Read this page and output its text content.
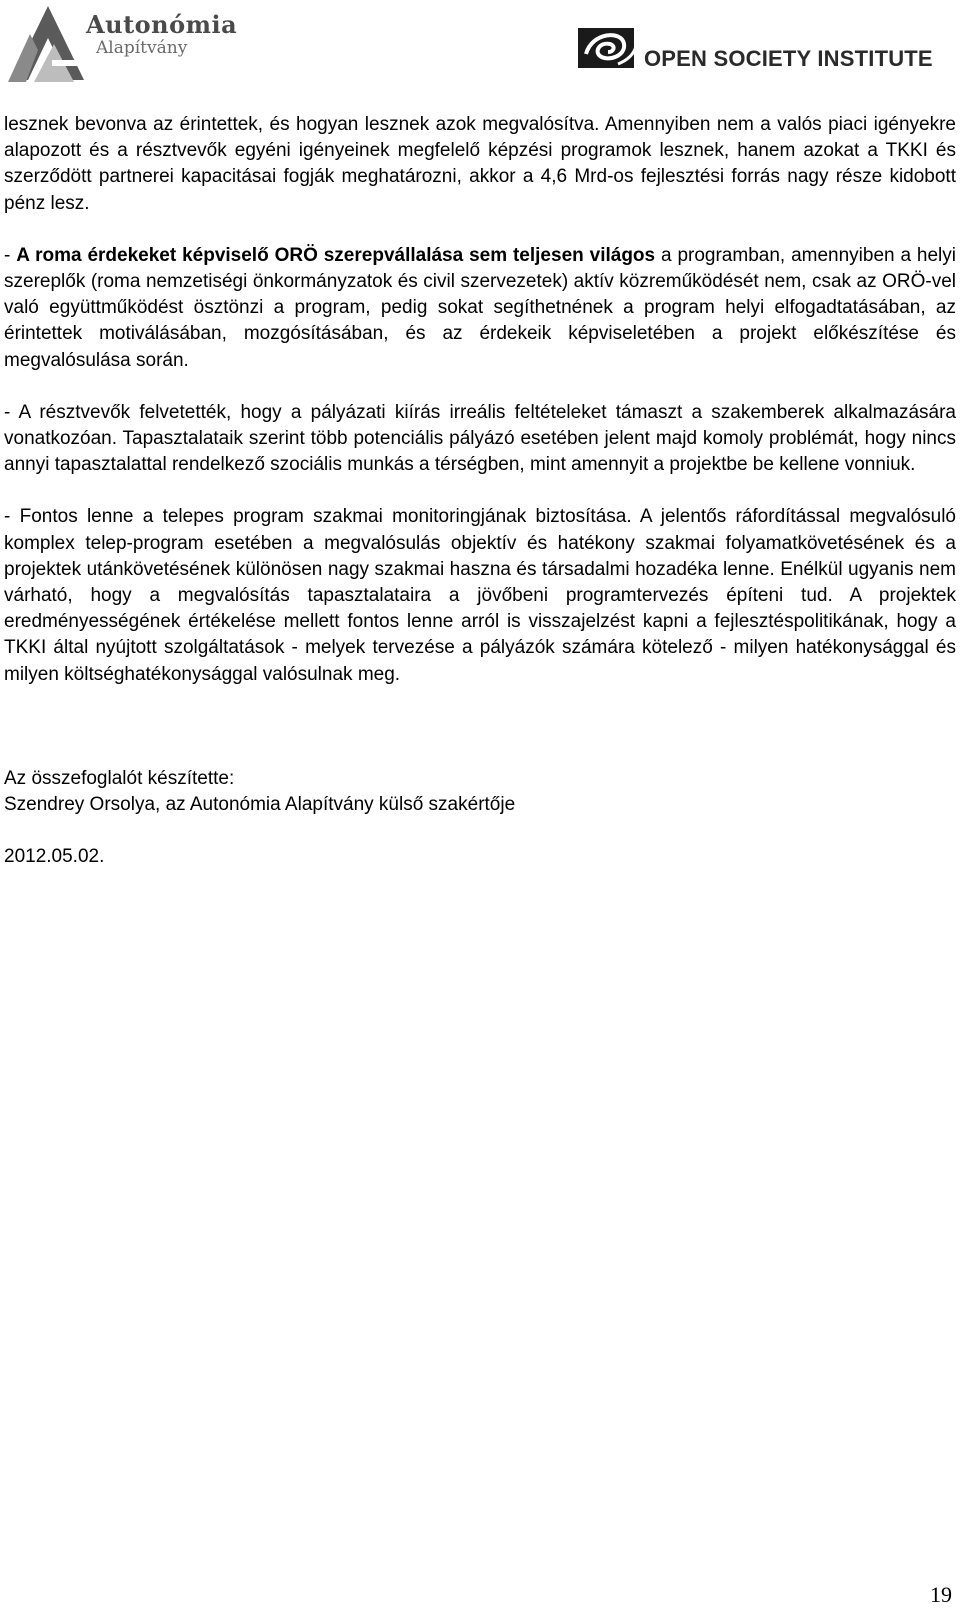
Autonómia
Alapítvány	OPEN SOCIETY INSTITUTE

lesznek bevonva az érintettek, és hogyan lesznek azok megvalósítva. Amennyiben nem a valós piaci igényekre alapozott és a résztvevők egyéni igényeinek megfelelő képzési programok lesznek, hanem azokat a TKKI és szerződött partnerei kapacitásai fogják meghatározni, akkor a 4,6 Mrd-os fejlesztési forrás nagy része kidobott pénz lesz.

- A roma érdekeket képviselő ORÖ szerepvállalása sem teljesen világos a programban, amennyiben a helyi szereplők (roma nemzetiségi önkormányzatok és civil szervezetek) aktív közreműködését nem, csak az ORÖ-vel való együttműködést ösztönzi a program, pedig sokat segíthetnének a program helyi elfogadtatásában, az érintettek motiválásában, mozgósításában, és az érdekeik képviseletében a projekt előkészítése és megvalósulása során.

- A résztvevők felvetették, hogy a pályázati kiírás irreális feltételeket támaszt a szakemberek alkalmazására vonatkozóan. Tapasztalataik szerint több potenciális pályázó esetében jelent majd komoly problémát, hogy nincs annyi tapasztalattal rendelkező szociális munkás a térségben, mint amennyit a projektbe be kellene vonniuk.

- Fontos lenne a telepes program szakmai monitoringjának biztosítása. A jelentős ráfordítással megvalósuló komplex telep-program esetében a megvalósulás objektív és hatékony szakmai folyamatkövetésének és a projektek utánkövetésének különösen nagy szakmai haszna és társadalmi hozadéka lenne. Enélkül ugyanis nem várható, hogy a megvalósítás tapasztalataira a jövőbeni programtervezés építeni tud. A projektek eredményességének értékelése mellett fontos lenne arról is visszajelzést kapni a fejlesztéspolitikának, hogy a TKKI által nyújtott szolgáltatások - melyek tervezése a pályázók számára kötelező - milyen hatékonysággal és milyen költséghatékonysággal valósulnak meg.

Az összefoglalót készítette:

Szendrey Orsolya, az Autonómia Alapítvány külső szakértője

2012.05.02.
19
